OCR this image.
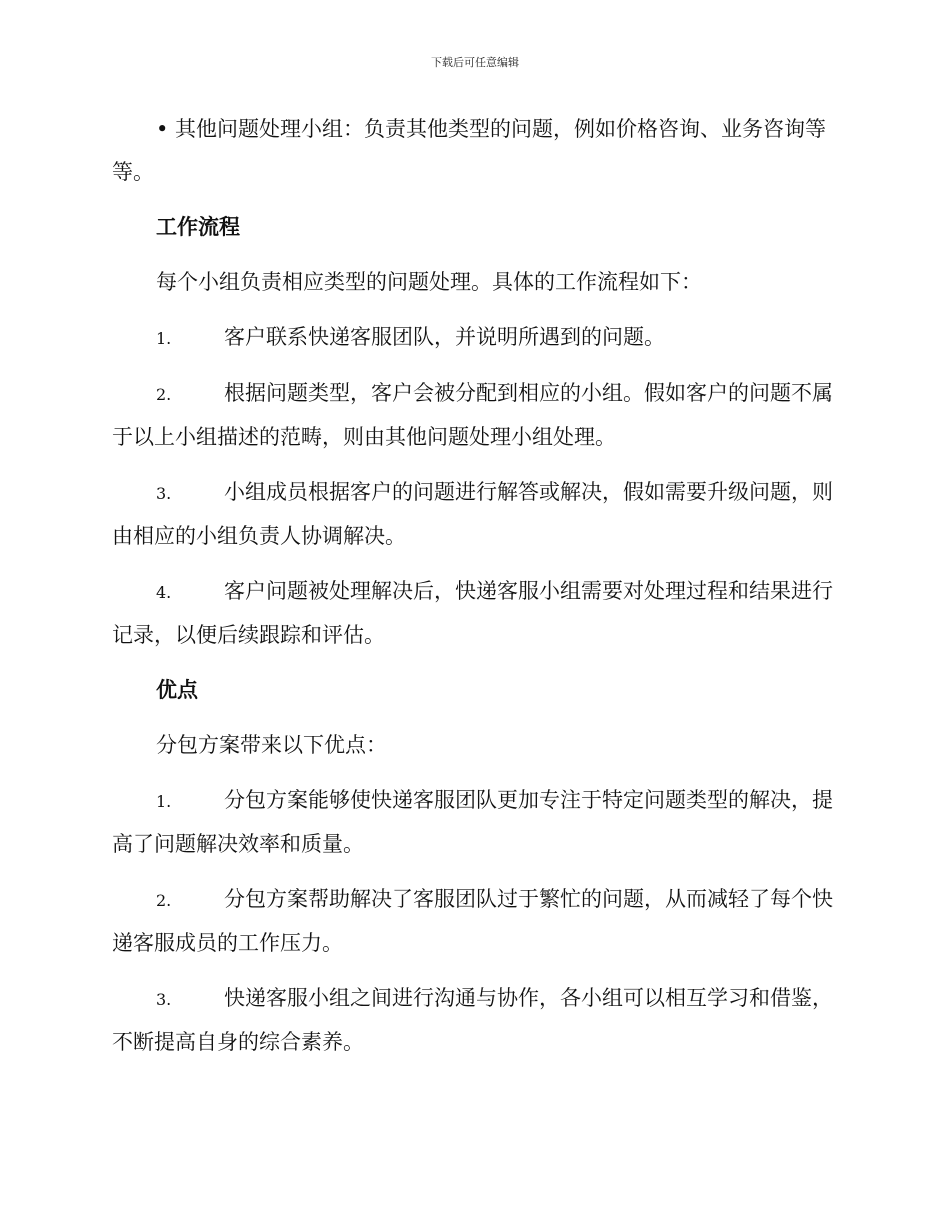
下载后可任意编辑

• 其他问题处理小组：负责其他类型的问题，例如价格咨询、业务咨询等等。

工作流程

每个小组负责相应类型的问题处理。具体的工作流程如下：

1.	客户联系快递客服团队，并说明所遇到的问题。

2.	根据问题类型，客户会被分配到相应的小组。假如客户的问题不属于以上小组描述的范畴，则由其他问题处理小组处理。

3.	小组成员根据客户的问题进行解答或解决，假如需要升级问题，则由相应的小组负责人协调解决。

4.	客户问题被处理解决后，快递客服小组需要对处理过程和结果进行记录，以便后续跟踪和评估。

优点

分包方案带来以下优点：

1.	分包方案能够使快递客服团队更加专注于特定问题类型的解决，提高了问题解决效率和质量。

2.	分包方案帮助解决了客服团队过于繁忙的问题，从而减轻了每个快递客服成员的工作压力。

3.	快递客服小组之间进行沟通与协作，各小组可以相互学习和借鉴，不断提高自身的综合素养。
